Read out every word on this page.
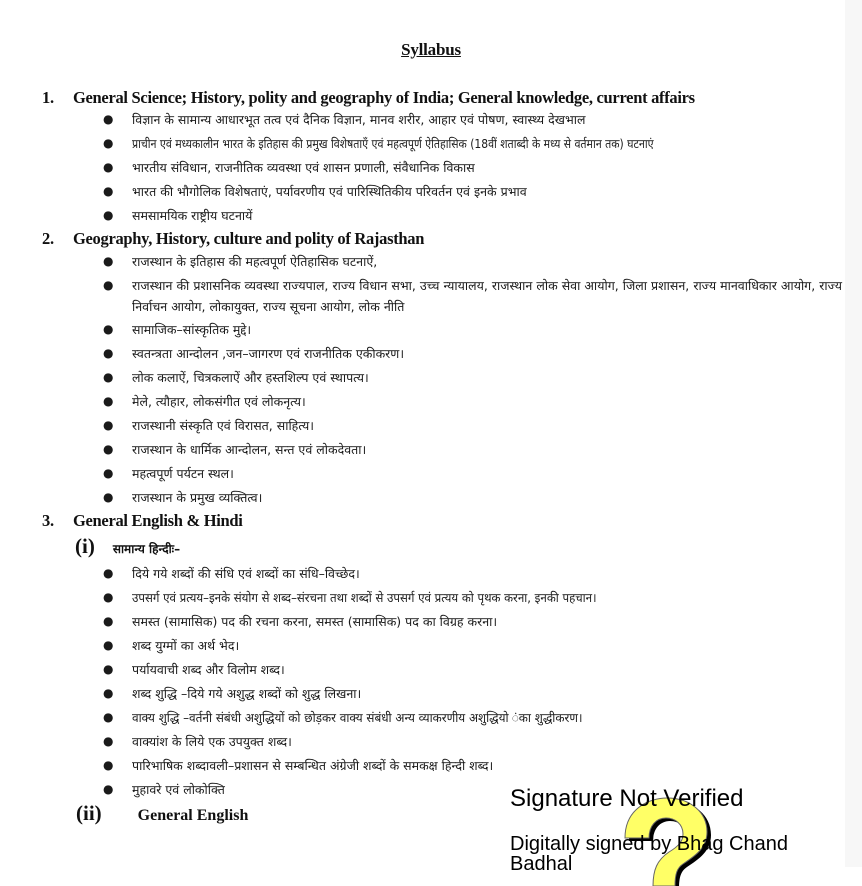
Syllabus
1. General Science; History, polity and geography of India; General knowledge, current affairs
● विज्ञान के सामान्य आधारभूत तत्व एवं दैनिक विज्ञान, मानव शरीर, आहार एवं पोषण, स्वास्थ्य देखभाल
● प्राचीन एवं मध्यकालीन भारत के इतिहास की प्रमुख विशेषताएँ एवं महत्वपूर्ण ऐतिहासिक (18वीं शताब्दी के मध्य से वर्तमान तक) घटनाएं
● भारतीय संविधान, राजनीतिक व्यवस्था एवं शासन प्रणाली, संवैधानिक विकास
● भारत की भौगोलिक विशेषताएं, पर्यावरणीय एवं पारिस्थितिकीय परिवर्तन एवं इनके प्रभाव
● समसामयिक राष्ट्रीय घटनायें
2. Geography, History, culture and polity of Rajasthan
● राजस्थान के इतिहास की महत्वपूर्ण ऐतिहासिक घटनाऐं,
● राजस्थान की प्रशासनिक व्यवस्था राज्यपाल, राज्य विधान सभा, उच्च न्यायालय, राजस्थान लोक सेवा आयोग, जिला प्रशासन, राज्य मानवाधिकार आयोग, राज्य निर्वाचन आयोग, लोकायुक्त, राज्य सूचना आयोग, लोक नीति
● सामाजिक–सांस्कृतिक मुद्दे।
● स्वतन्त्रता आन्दोलन ,जन–जागरण एवं राजनीतिक एकीकरण।
● लोक कलाऐं, चित्रकलाऐं और हस्तशिल्प एवं स्थापत्य।
● मेले, त्यौहार, लोकसंगीत एवं लोकनृत्य।
● राजस्थानी संस्कृति एवं विरासत, साहित्य।
● राजस्थान के धार्मिक आन्दोलन, सन्त एवं लोकदेवता।
● महत्वपूर्ण पर्यटन स्थल।
● राजस्थान के प्रमुख व्यक्तित्व।
3. General English & Hindi
(i) सामान्य हिन्दीः–
● दिये गये शब्दों की संधि एवं शब्दों का संधि–विच्छेद।
● उपसर्ग एवं प्रत्यय–इनके संयोग से शब्द–संरचना तथा शब्दों से उपसर्ग एवं प्रत्यय को पृथक करना, इनकी पहचान।
● समस्त (सामासिक) पद की रचना करना, समस्त (सामासिक) पद का विग्रह करना।
● शब्द युग्मों का अर्थ भेद।
● पर्यायवाची शब्द और विलोम शब्द।
● शब्द शुद्धि –दिये गये अशुद्ध शब्दों को शुद्ध लिखना।
● वाक्य शुद्धि –वर्तनी संबंधी अशुद्धियों को छोड़कर वाक्य संबंधी अन्य व्याकरणीय अशुद्धियो ंका शुद्धीकरण।
● वाक्यांश के लिये एक उपयुक्त शब्द।
● पारिभाषिक शब्दावली–प्रशासन से सम्बन्धित अंग्रेजी शब्दों के समकक्ष हिन्दी शब्द।
● मुहावरे एवं लोकोक्ति
(ii) General English
Signature Not Verified
Digitally signed by Bhag Chand Badhal
